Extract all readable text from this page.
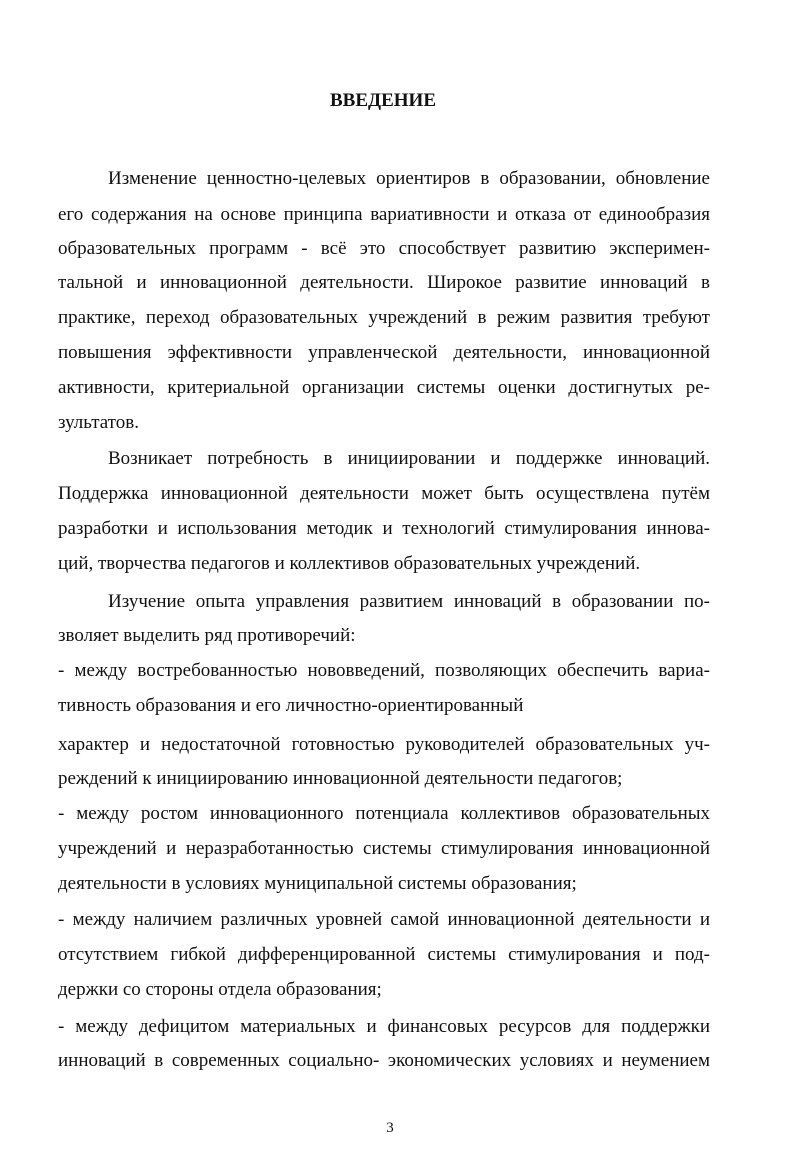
ВВЕДЕНИЕ
Изменение ценностно-целевых ориентиров в образовании, обновление
его содержания на основе принципа вариативности и отказа от единообразия
образовательных программ - всё это способствует развитию эксперимен-
тальной и инновационной деятельности. Широкое развитие инноваций в
практике, переход образовательных учреждений в режим развития требуют
повышения эффективности управленческой деятельности, инновационной
активности, критериальной организации системы оценки достигнутых ре-
зультатов.
Возникает потребность в инициировании и поддержке инноваций.
Поддержка инновационной деятельности может быть осуществлена путём
разработки и использования методик и технологий стимулирования иннова-
ций, творчества педагогов и коллективов образовательных учреждений.
Изучение опыта управления развитием инноваций в образовании по-
зволяет выделить ряд противоречий:
- между востребованностью нововведений, позволяющих обеспечить вариа-
тивность образования и его личностно-ориентированный
характер и недостаточной готовностью руководителей образовательных уч-
реждений к инициированию инновационной деятельности педагогов;
- между ростом инновационного потенциала коллективов образовательных
учреждений и неразработанностью системы стимулирования инновационной
деятельности в условиях муниципальной системы образования;
- между наличием различных уровней самой инновационной деятельности и
отсутствием гибкой дифференцированной системы стимулирования и под-
держки со стороны отдела образования;
- между дефицитом материальных и финансовых ресурсов для поддержки
инноваций в современных социально- экономических условиях и неумением
3
